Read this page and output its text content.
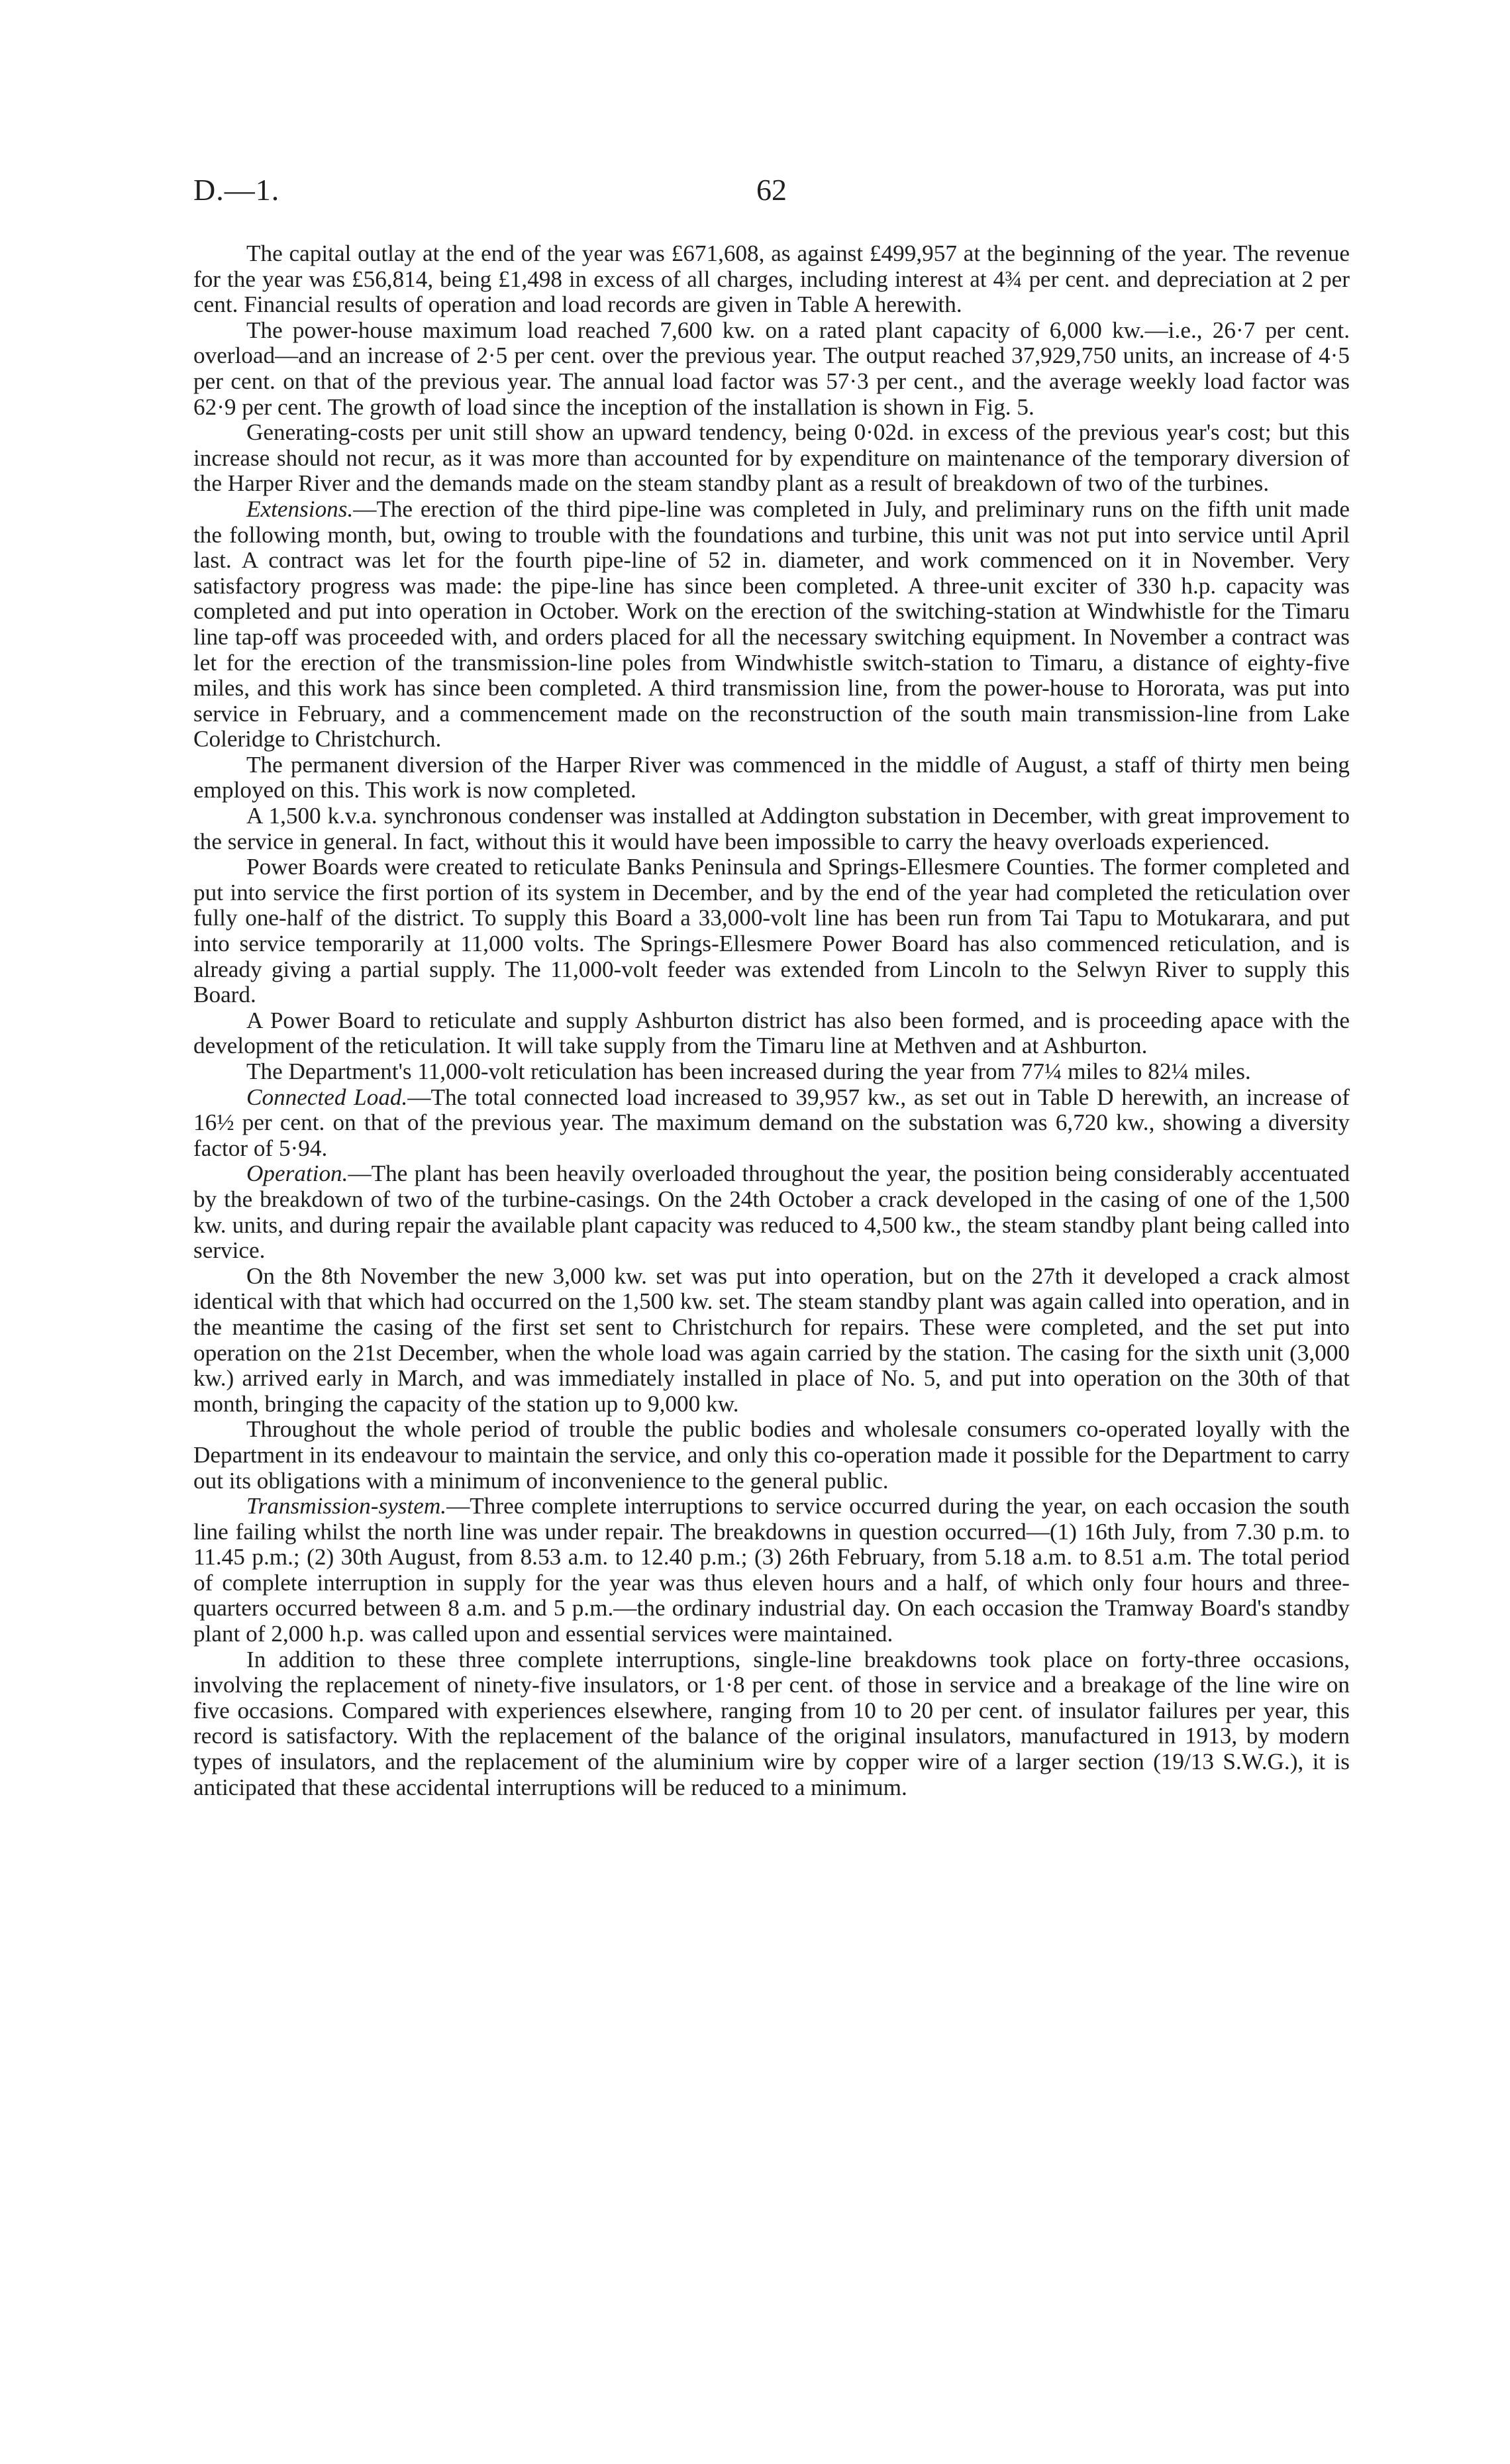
D.—1.	62

The capital outlay at the end of the year was £671,608, as against £499,957 at the beginning of the year. The revenue for the year was £56,814, being £1,498 in excess of all charges, including interest at 4¾ per cent. and depreciation at 2 per cent. Financial results of operation and load records are given in Table A herewith.

The power-house maximum load reached 7,600 kw. on a rated plant capacity of 6,000 kw.—i.e., 26·7 per cent. overload—and an increase of 2·5 per cent. over the previous year. The output reached 37,929,750 units, an increase of 4·5 per cent. on that of the previous year. The annual load factor was 57·3 per cent., and the average weekly load factor was 62·9 per cent. The growth of load since the inception of the installation is shown in Fig. 5.

Generating-costs per unit still show an upward tendency, being 0·02d. in excess of the previous year's cost; but this increase should not recur, as it was more than accounted for by expenditure on maintenance of the temporary diversion of the Harper River and the demands made on the steam standby plant as a result of breakdown of two of the turbines.

Extensions.—The erection of the third pipe-line was completed in July, and preliminary runs on the fifth unit made the following month, but, owing to trouble with the foundations and turbine, this unit was not put into service until April last. A contract was let for the fourth pipe-line of 52 in. diameter, and work commenced on it in November. Very satisfactory progress was made: the pipe-line has since been completed. A three-unit exciter of 330 h.p. capacity was completed and put into operation in October. Work on the erection of the switching-station at Windwhistle for the Timaru line tap-off was proceeded with, and orders placed for all the necessary switching equipment. In November a contract was let for the erection of the transmission-line poles from Windwhistle switch-station to Timaru, a distance of eighty-five miles, and this work has since been completed. A third transmission line, from the power-house to Hororata, was put into service in February, and a commencement made on the reconstruction of the south main transmission-line from Lake Coleridge to Christchurch.

The permanent diversion of the Harper River was commenced in the middle of August, a staff of thirty men being employed on this. This work is now completed.

A 1,500 k.v.a. synchronous condenser was installed at Addington substation in December, with great improvement to the service in general. In fact, without this it would have been impossible to carry the heavy overloads experienced.

Power Boards were created to reticulate Banks Peninsula and Springs-Ellesmere Counties. The former completed and put into service the first portion of its system in December, and by the end of the year had completed the reticulation over fully one-half of the district. To supply this Board a 33,000-volt line has been run from Tai Tapu to Motukarara, and put into service temporarily at 11,000 volts. The Springs-Ellesmere Power Board has also commenced reticulation, and is already giving a partial supply. The 11,000-volt feeder was extended from Lincoln to the Selwyn River to supply this Board.

A Power Board to reticulate and supply Ashburton district has also been formed, and is proceeding apace with the development of the reticulation. It will take supply from the Timaru line at Methven and at Ashburton.

The Department's 11,000-volt reticulation has been increased during the year from 77¼ miles to 82¼ miles.

Connected Load.—The total connected load increased to 39,957 kw., as set out in Table D herewith, an increase of 16½ per cent. on that of the previous year. The maximum demand on the substation was 6,720 kw., showing a diversity factor of 5·94.

Operation.—The plant has been heavily overloaded throughout the year, the position being considerably accentuated by the breakdown of two of the turbine-casings. On the 24th October a crack developed in the casing of one of the 1,500 kw. units, and during repair the available plant capacity was reduced to 4,500 kw., the steam standby plant being called into service.

On the 8th November the new 3,000 kw. set was put into operation, but on the 27th it developed a crack almost identical with that which had occurred on the 1,500 kw. set. The steam standby plant was again called into operation, and in the meantime the casing of the first set sent to Christchurch for repairs. These were completed, and the set put into operation on the 21st December, when the whole load was again carried by the station. The casing for the sixth unit (3,000 kw.) arrived early in March, and was immediately installed in place of No. 5, and put into operation on the 30th of that month, bringing the capacity of the station up to 9,000 kw.

Throughout the whole period of trouble the public bodies and wholesale consumers co-operated loyally with the Department in its endeavour to maintain the service, and only this co-operation made it possible for the Department to carry out its obligations with a minimum of inconvenience to the general public.

Transmission-system.—Three complete interruptions to service occurred during the year, on each occasion the south line failing whilst the north line was under repair. The breakdowns in question occurred—(1) 16th July, from 7.30 p.m. to 11.45 p.m.; (2) 30th August, from 8.53 a.m. to 12.40 p.m.; (3) 26th February, from 5.18 a.m. to 8.51 a.m. The total period of complete interruption in supply for the year was thus eleven hours and a half, of which only four hours and three-quarters occurred between 8 a.m. and 5 p.m.—the ordinary industrial day. On each occasion the Tramway Board's standby plant of 2,000 h.p. was called upon and essential services were maintained.

In addition to these three complete interruptions, single-line breakdowns took place on forty-three occasions, involving the replacement of ninety-five insulators, or 1·8 per cent. of those in service and a breakage of the line wire on five occasions. Compared with experiences elsewhere, ranging from 10 to 20 per cent. of insulator failures per year, this record is satisfactory. With the replacement of the balance of the original insulators, manufactured in 1913, by modern types of insulators, and the replacement of the aluminium wire by copper wire of a larger section (19/13 S.W.G.), it is anticipated that these accidental interruptions will be reduced to a minimum.
